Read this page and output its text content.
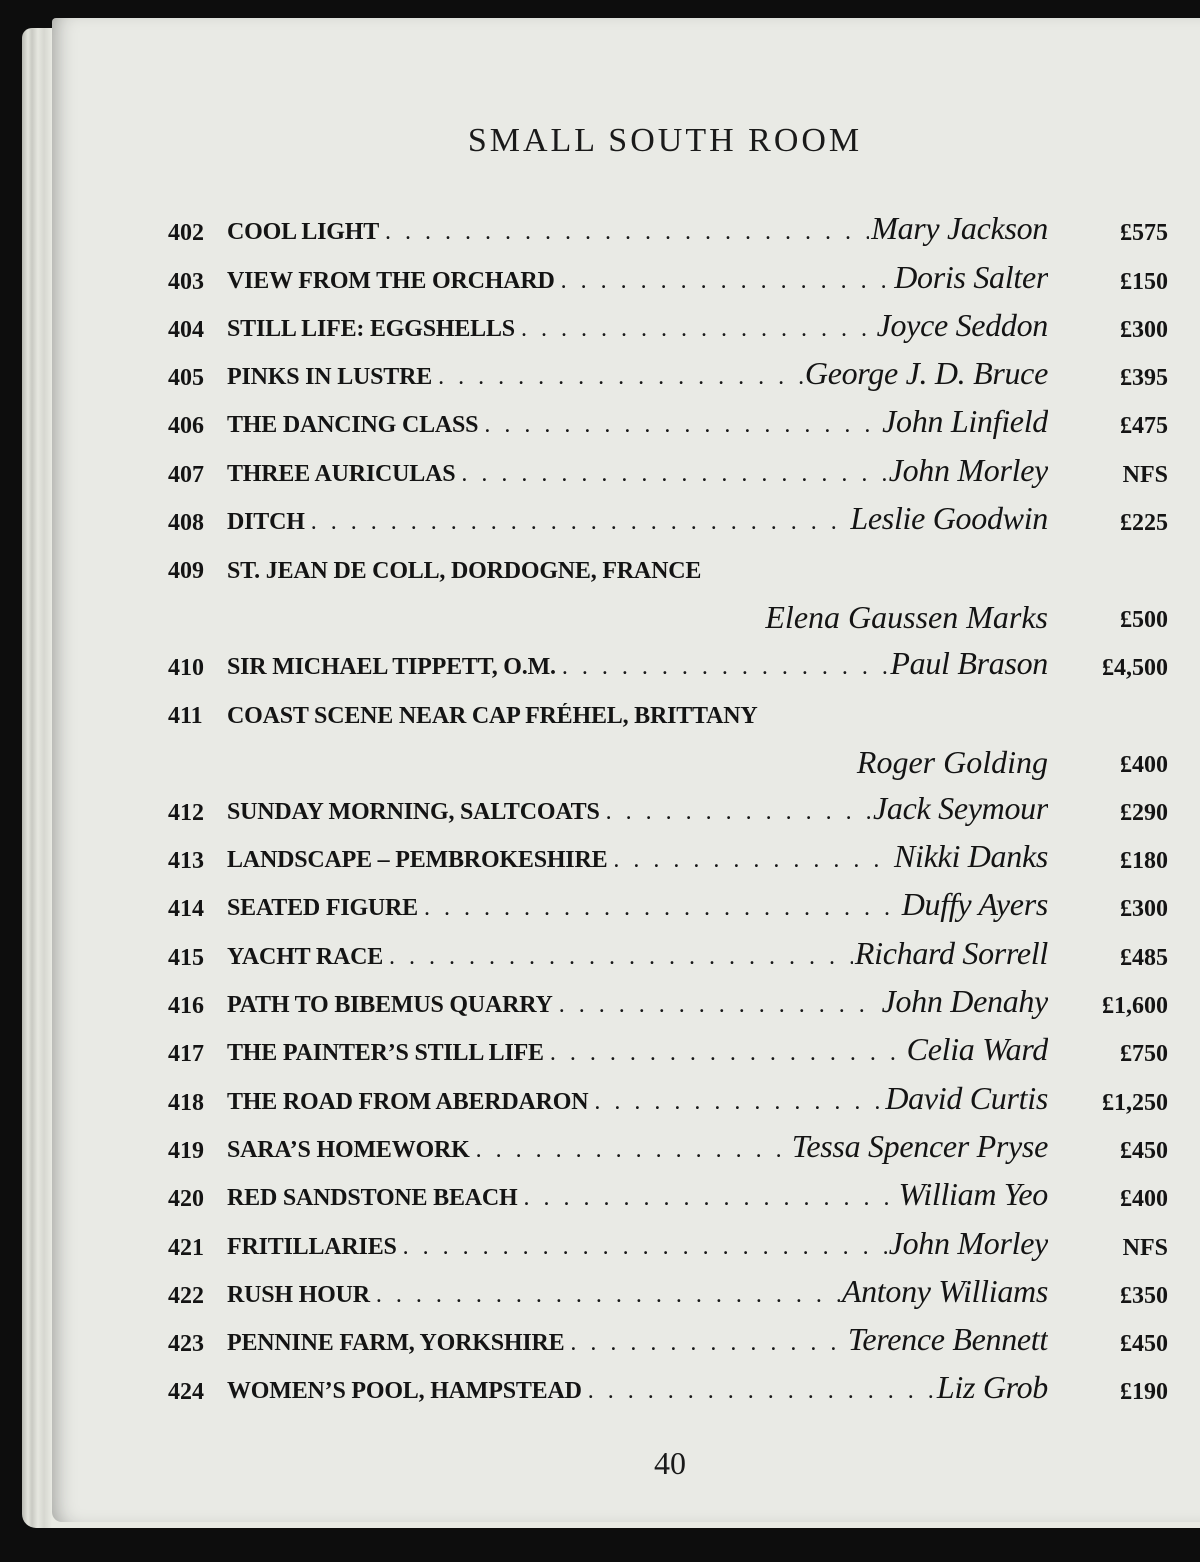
SMALL SOUTH ROOM
402 COOL LIGHT . . .	Mary Jackson	£575
403 VIEW FROM THE ORCHARD . . .	Doris Salter	£150
404 STILL LIFE: EGGSHELLS . . .	Joyce Seddon	£300
405 PINKS IN LUSTRE . . .	George J. D. Bruce	£395
406 THE DANCING CLASS . . .	John Linfield	£475
407 THREE AURICULAS . . .	John Morley	NFS
408 DITCH . . .	Leslie Goodwin	£225
409 ST. JEAN DE COLL, DORDOGNE, FRANCE
Elena Gaussen Marks	£500
410 SIR MICHAEL TIPPETT, O.M. . . .	Paul Brason £4,500
411 COAST SCENE NEAR CAP FRÉHEL, BRITTANY
Roger Golding	£400
412 SUNDAY MORNING, SALTCOATS . . .	Jack Seymour	£290
413 LANDSCAPE – PEMBROKESHIRE . . .	Nikki Danks	£180
414 SEATED FIGURE . . .	Duffy Ayers	£300
415 YACHT RACE . . .	Richard Sorrell	£485
416 PATH TO BIBEMUS QUARRY . . .	John Denahy £1,600
417 THE PAINTER’S STILL LIFE . . .	Celia Ward	£750
418 THE ROAD FROM ABERDARON . . .	David Curtis £1,250
419 SARA’S HOMEWORK . . .	Tessa Spencer Pryse	£450
420 RED SANDSTONE BEACH . . .	William Yeo	£400
421 FRITILLARIES . . .	John Morley	NFS
422 RUSH HOUR . . .	Antony Williams	£350
423 PENNINE FARM, YORKSHIRE . . .	Terence Bennett	£450
424 WOMEN’S POOL, HAMPSTEAD . . .	Liz Grob	£190
40
